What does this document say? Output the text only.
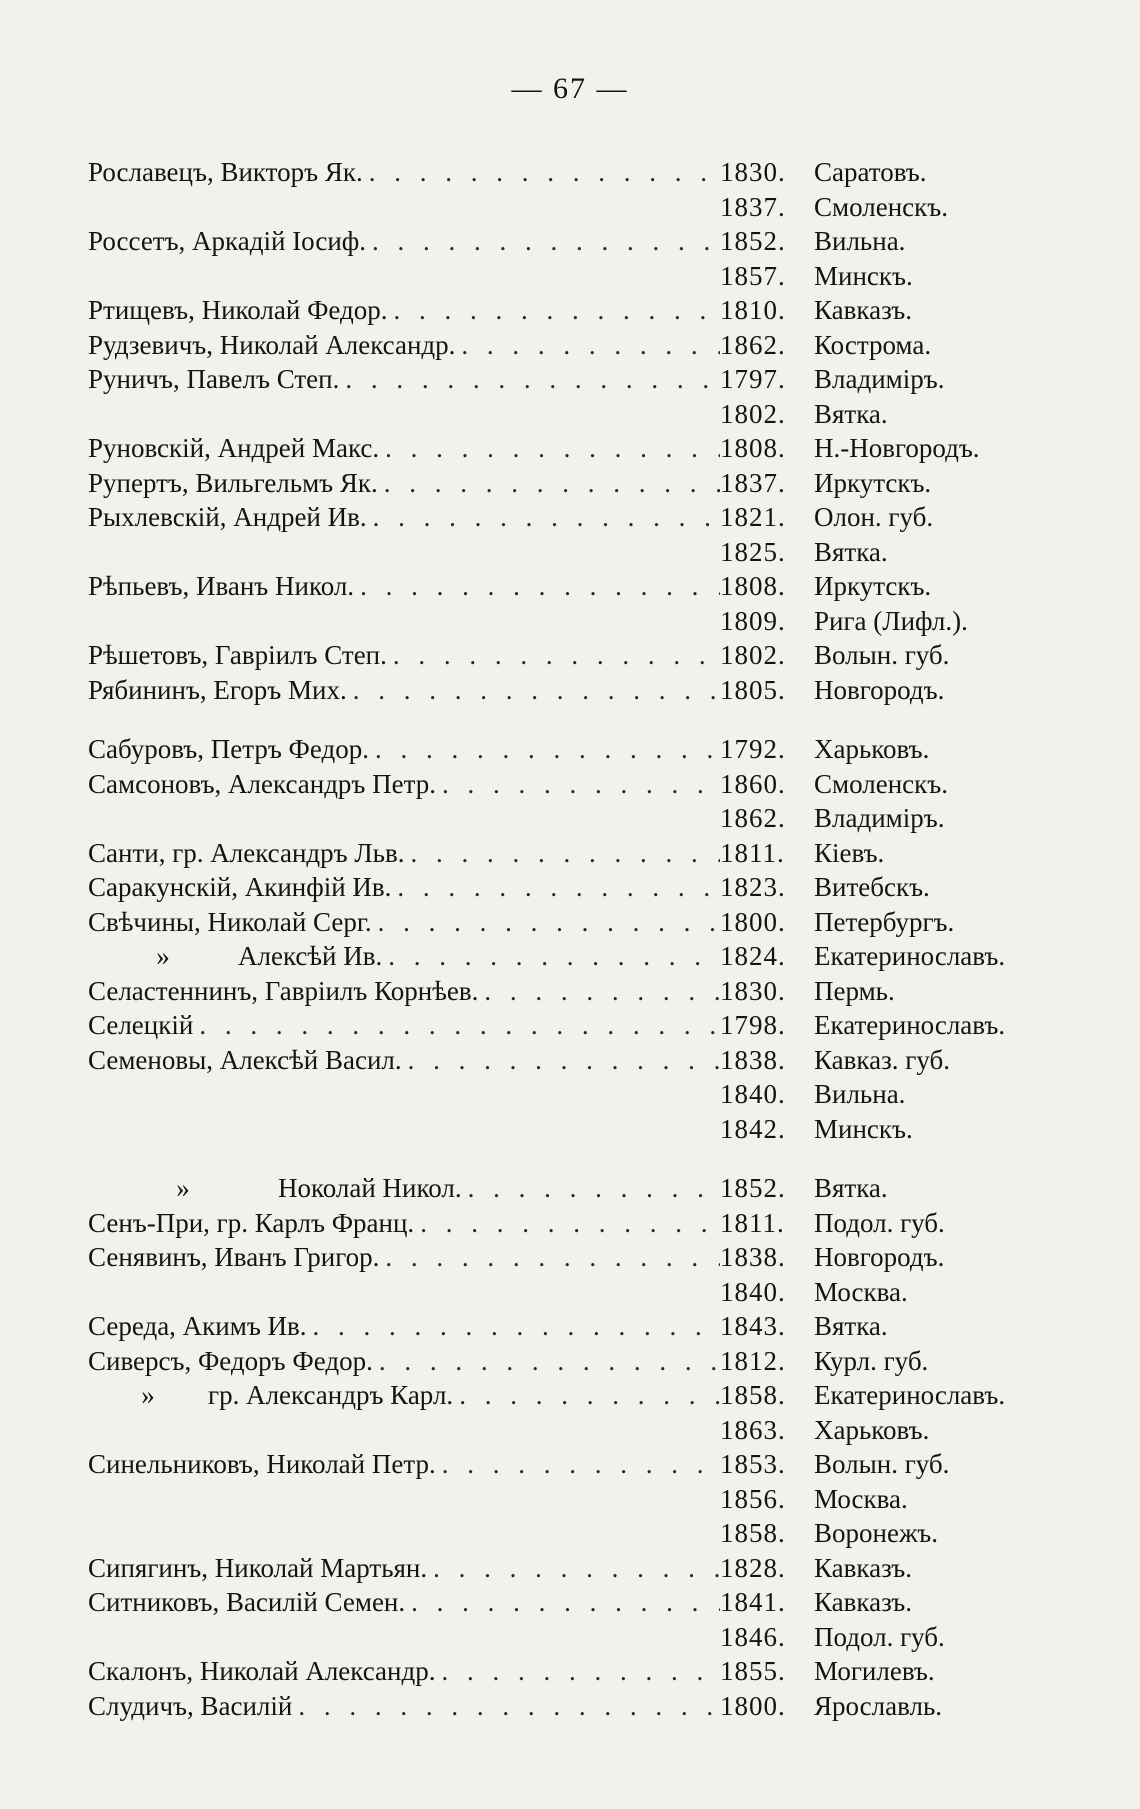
— 67 —
Рославецъ, Викторъ Як. . . .	1830.	Саратовъ.
1837.	Смоленскъ.
Россетъ, Аркадій Іосиф. . . .	1852.	Вильна.
1857.	Минскъ.
Ртищевъ, Николай Федор. . . .	1810.	Кавказъ.
Рудзевичъ, Николай Александр. . . .	1862.	Кострома.
Руничъ, Павелъ Степ. . . .	1797.	Владиміръ.
1802.	Вятка.
Руновскій, Андрей Макс. . . .	1808.	Н.-Новгородъ.
Рупертъ, Вильгельмъ Як. . . .	1837.	Иркутскъ.
Рыхлевскій, Андрей Ив. . . .	1821.	Олон. губ.
1825.	Вятка.
Рѣпьевъ, Иванъ Никол. . . .	1808.	Иркутскъ.
1809.	Рига (Лифл.).
Рѣшетовъ, Гавріилъ Степ. . . .	1802.	Волын. губ.
Рябининъ, Егоръ Мих. . . .	1805.	Новгородъ.
Сабуровъ, Петръ Федор. . . .	1792.	Харьковъ.
Самсоновъ, Александръ Петр. . . .	1860.	Смоленскъ.
1862.	Владиміръ.
Санти, гр. Александръ Льв. . . .	1811.	Кіевъ.
Саракунскій, Акинфій Ив. . . .	1823.	Витебскъ.
Свѣчины, Николай Серг. . . .	1800.	Петербургъ.
»	Алексѣй Ив. . . .	1824.	Екатеринославъ.
Селастеннинъ, Гавріилъ Корнѣев. . . .	1830.	Пермь.
Селецкій . . .	1798.	Екатеринославъ.
Семеновы, Алексѣй Васил. . . .	1838.	Кавказ. губ.
1840.	Вильна.
1842.	Минскъ.
»	Ноколай Никол. . . .	1852.	Вятка.
Сенъ-При, гр. Карлъ Франц. . . .	1811.	Подол. губ.
Сенявинъ, Иванъ Григор. . . .	1838.	Новгородъ.
1840.	Москва.
Середа, Акимъ Ив. . . .	1843.	Вятка.
Сиверсъ, Федоръ Федор. . . .	1812.	Курл. губ.
»	гр. Александръ Карл. . . .	1858.	Екатеринославъ.
1863.	Харьковъ.
Синельниковъ, Николай Петр. . . .	1853.	Волын. губ.
1856.	Москва.
1858.	Воронежъ.
Сипягинъ, Николай Мартьян. . . .	1828.	Кавказъ.
Ситниковъ, Василій Семен. . . .	1841.	Кавказъ.
1846.	Подол. губ.
Скалонъ, Николай Александр. . . .	1855.	Могилевъ.
Слудичъ, Василій . . .	1800.	Ярославль.
